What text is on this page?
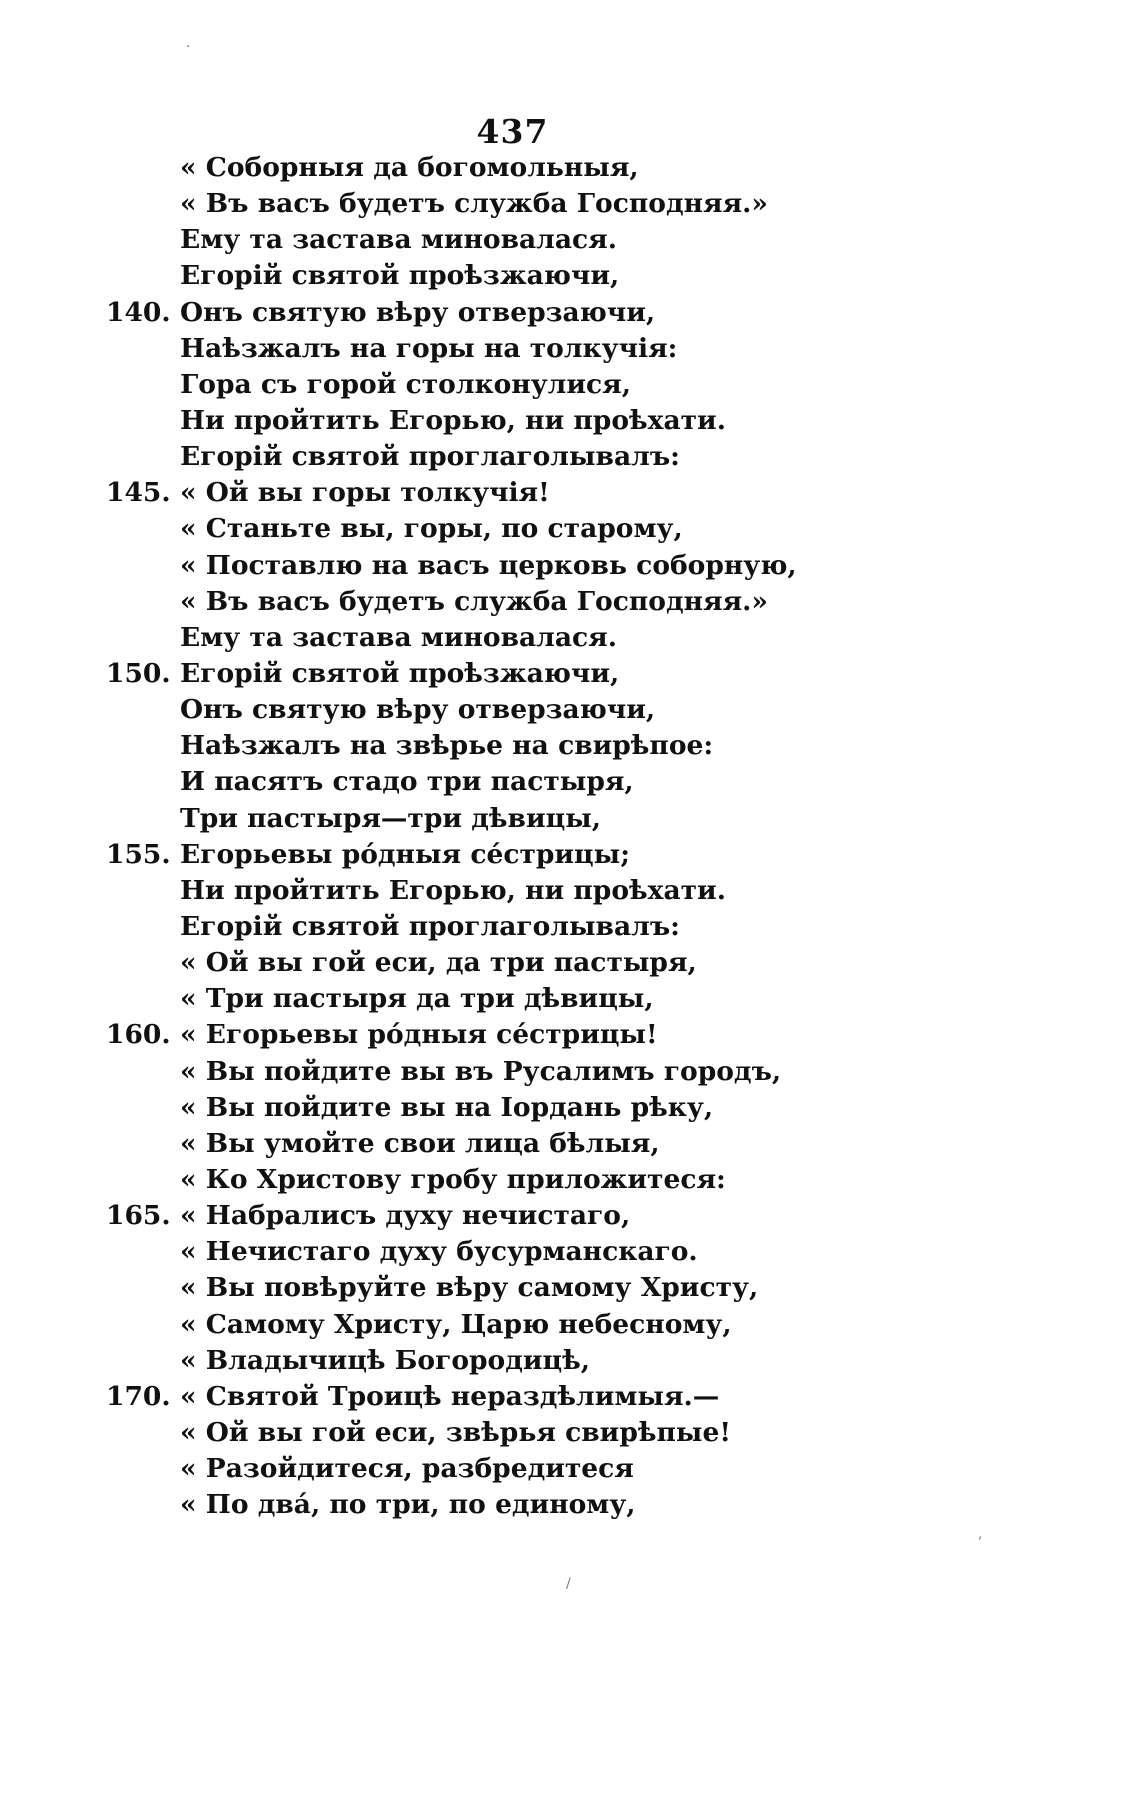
437
« Соборныя да богомольныя,
« Въ васъ будетъ служба Господняя.»
Ему та застава миновалася.
Егорій святой проѣзжаючи,
140. Онъ святую вѣру отверзаючи,
Наѣзжалъ на горы на толкучія:
Гора съ горой столконулися,
Ни пройтить Егорью, ни проѣхати.
Егорій святой проглаголывалъ:
145. « Ой вы горы толкучія!
« Станьте вы, горы, по старому,
« Поставлю на васъ церковь соборную,
« Въ васъ будетъ служба Господняя.»
Ему та застава миновалася.
150. Егорій святой проѣзжаючи,
Онъ святую вѣру отверзаючи,
Наѣзжалъ на звѣрье на свирѣпое:
И пасятъ стадо три пастыря,
Три пастыря—три дѣвицы,
155. Егорьевы ро́дныя се́стрицы;
Ни пройтить Егорью, ни проѣхати.
Егорій святой проглаголывалъ:
« Ой вы гой еси, да три пастыря,
« Три пастыря да три дѣвицы,
160. « Егорьевы ро́дныя се́стрицы!
« Вы пойдите вы въ Русалимъ городъ,
« Вы пойдите вы на Іордань рѣку,
« Вы умойте свои лица бѣлыя,
« Ко Христову гробу приложитеся:
165. « Набралисъ духу нечистаго,
« Нечистаго духу бусурманскаго.
« Вы повѣруйте вѣру самому Христу,
« Самому Христу, Царю небесному,
« Владычицѣ Богородицѣ,
170. « Святой Троицѣ нераздѣлимыя.—
« Ой вы гой еси, звѣрья свирѣпые!
« Разойдитеся, разбредитеся
« По два́, по три, по единому,
·
,
/
